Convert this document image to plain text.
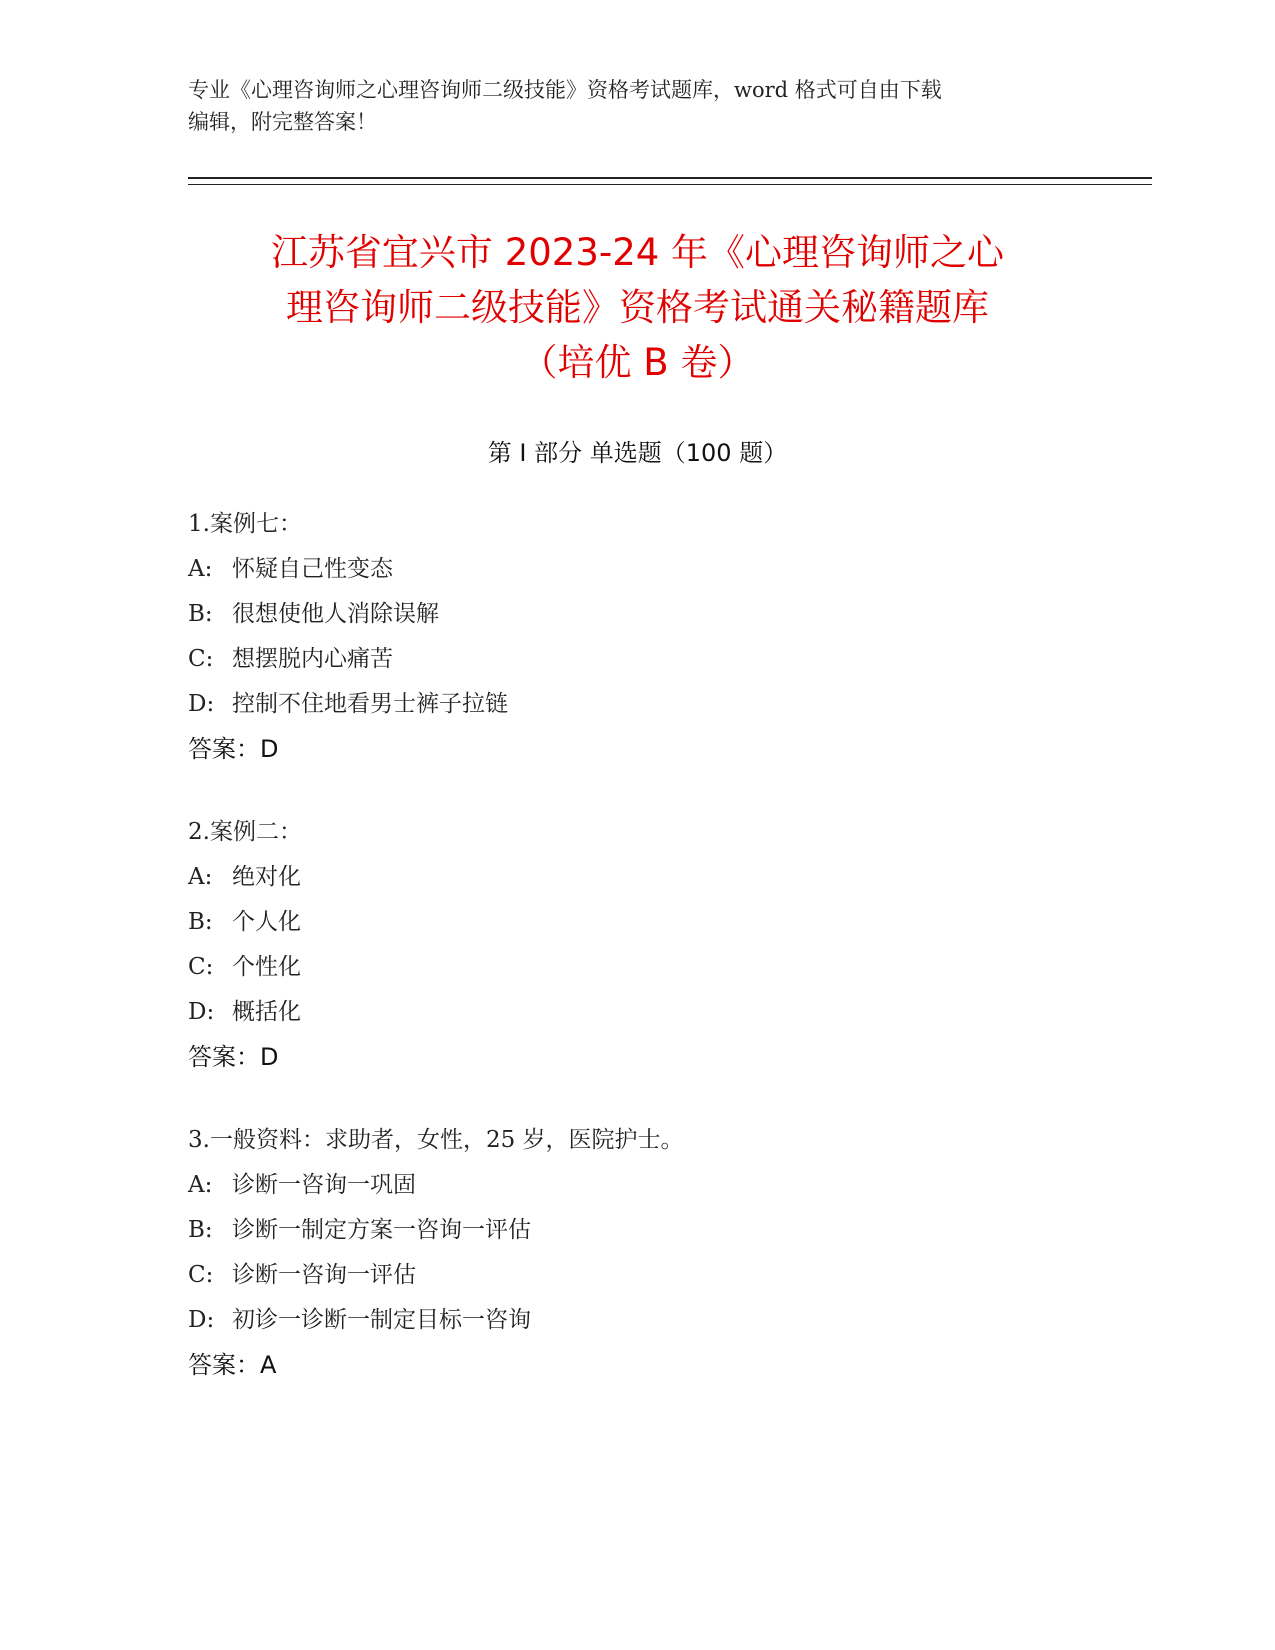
专业《心理咨询师之心理咨询师二级技能》资格考试题库，word 格式可自由下载
编辑，附完整答案！
江苏省宜兴市 2023-24 年《心理咨询师之心
理咨询师二级技能》资格考试通关秘籍题库
（培优 B 卷）
第 I 部分 单选题（100 题）
1.案例七：
A: 怀疑自己性变态
B: 很想使他人消除误解
C: 想摆脱内心痛苦
D: 控制不住地看男士裤子拉链
答案：D
2.案例二：
A: 绝对化
B: 个人化
C: 个性化
D: 概括化
答案：D
3.一般资料：求助者，女性，25 岁，医院护士。
A: 诊断一咨询一巩固
B: 诊断一制定方案一咨询一评估
C: 诊断一咨询一评估
D: 初诊一诊断一制定目标一咨询
答案：A
